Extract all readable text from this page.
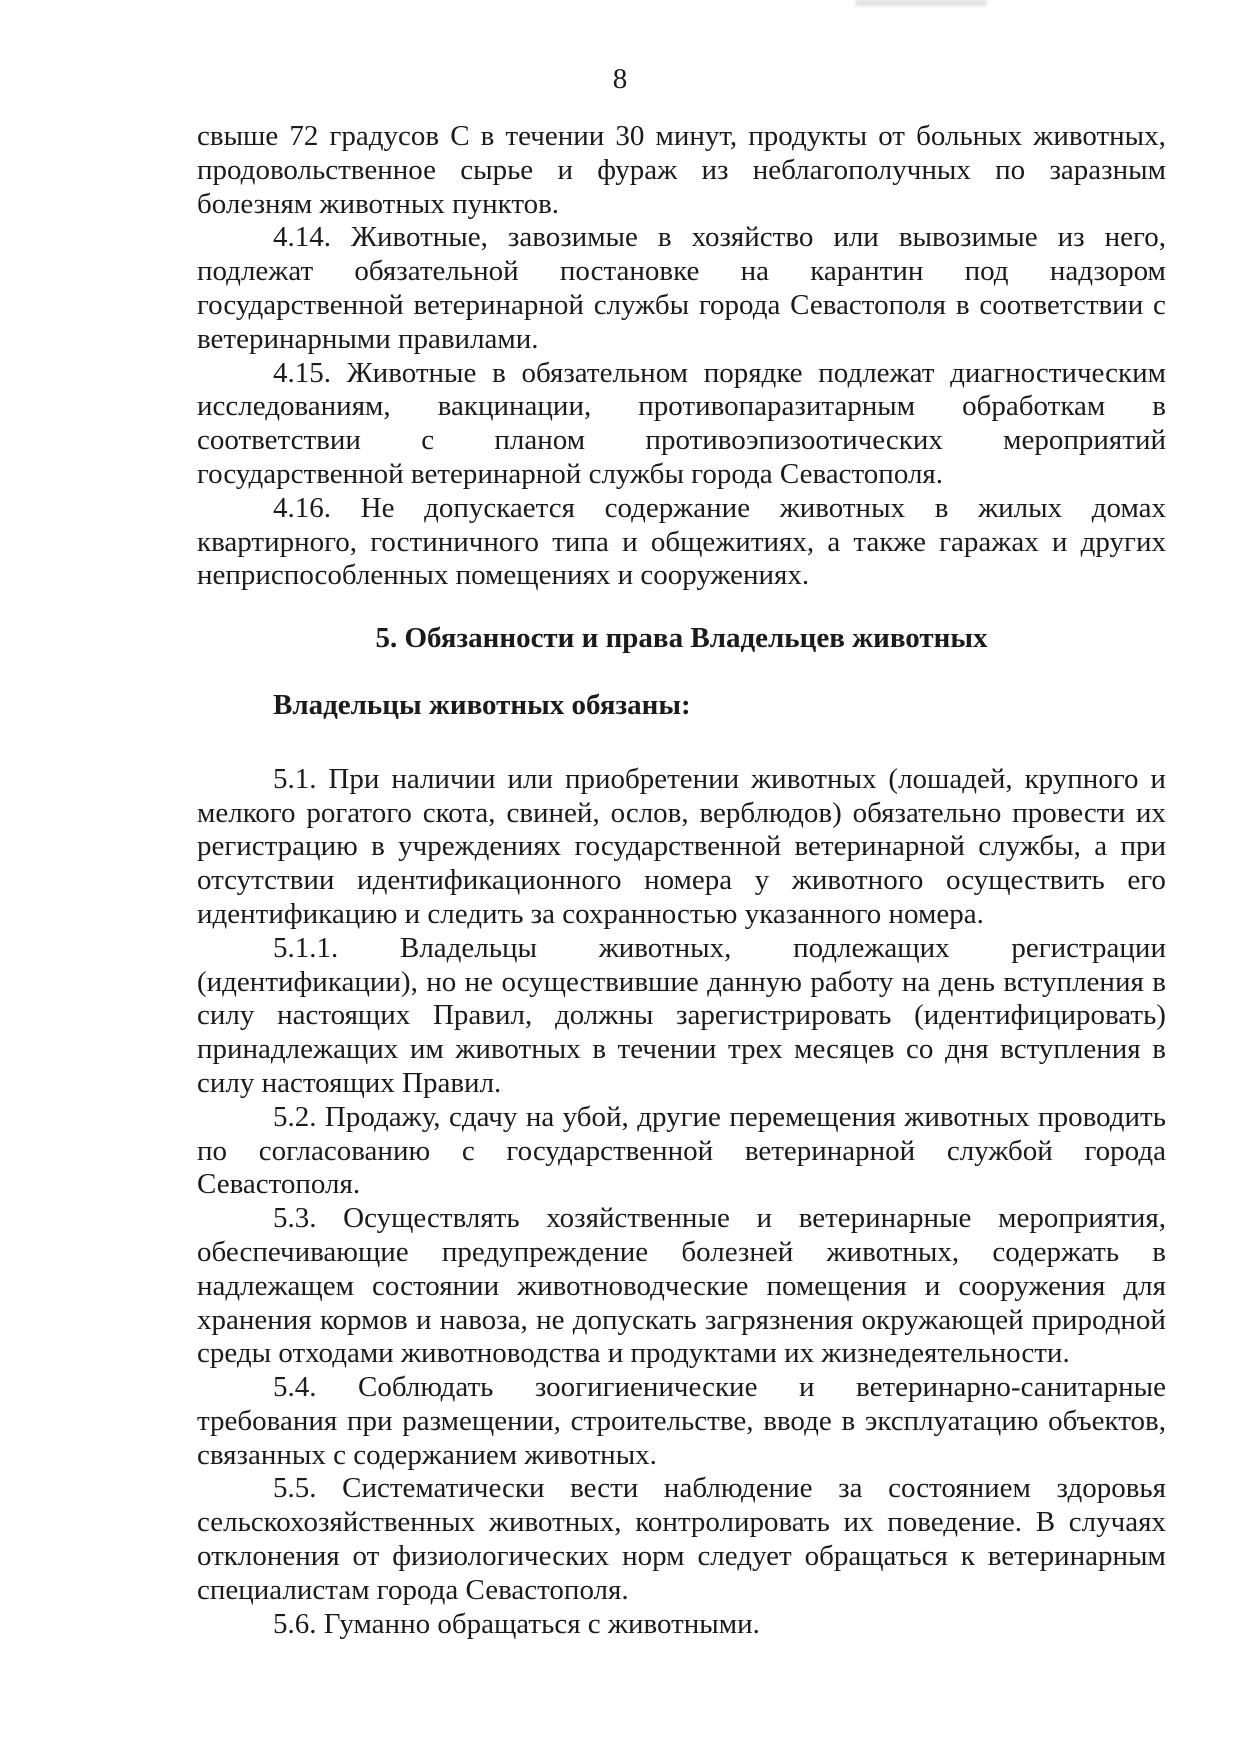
8
свыше 72 градусов С в течении 30 минут, продукты от больных животных,
продовольственное сырье и фураж из неблагополучных по заразным
болезням животных пунктов.
4.14. Животные, завозимые в хозяйство или вывозимые из него,
подлежат обязательной постановке на карантин под надзором
государственной ветеринарной службы города Севастополя в соответствии с
ветеринарными правилами.
4.15. Животные в обязательном порядке подлежат диагностическим
исследованиям, вакцинации, противопаразитарным обработкам в
соответствии с планом противоэпизоотических мероприятий
государственной ветеринарной службы города Севастополя.
4.16. Не допускается содержание животных в жилых домах
квартирного, гостиничного типа и общежитиях, а также гаражах и других
неприспособленных помещениях и сооружениях.
5. Обязанности и права Владельцев животных
Владельцы животных обязаны:
5.1. При наличии или приобретении животных (лошадей, крупного и
мелкого рогатого скота, свиней, ослов, верблюдов) обязательно провести их
регистрацию в учреждениях государственной ветеринарной службы, а при
отсутствии идентификационного номера у животного осуществить его
идентификацию и следить за сохранностью указанного номера.
5.1.1. Владельцы животных, подлежащих регистрации
(идентификации), но не осуществившие данную работу на день вступления в
силу настоящих Правил, должны зарегистрировать (идентифицировать)
принадлежащих им животных в течении трех месяцев со дня вступления в
силу настоящих Правил.
5.2. Продажу, сдачу на убой, другие перемещения животных проводить
по согласованию с государственной ветеринарной службой города
Севастополя.
5.3. Осуществлять хозяйственные и ветеринарные мероприятия,
обеспечивающие предупреждение болезней животных, содержать в
надлежащем состоянии животноводческие помещения и сооружения для
хранения кормов и навоза, не допускать загрязнения окружающей природной
среды отходами животноводства и продуктами их жизнедеятельности.
5.4. Соблюдать зоогигиенические и ветеринарно-санитарные
требования при размещении, строительстве, вводе в эксплуатацию объектов,
связанных с содержанием животных.
5.5. Систематически вести наблюдение за состоянием здоровья
сельскохозяйственных животных, контролировать их поведение. В случаях
отклонения от физиологических норм следует обращаться к ветеринарным
специалистам города Севастополя.
5.6. Гуманно обращаться с животными.
